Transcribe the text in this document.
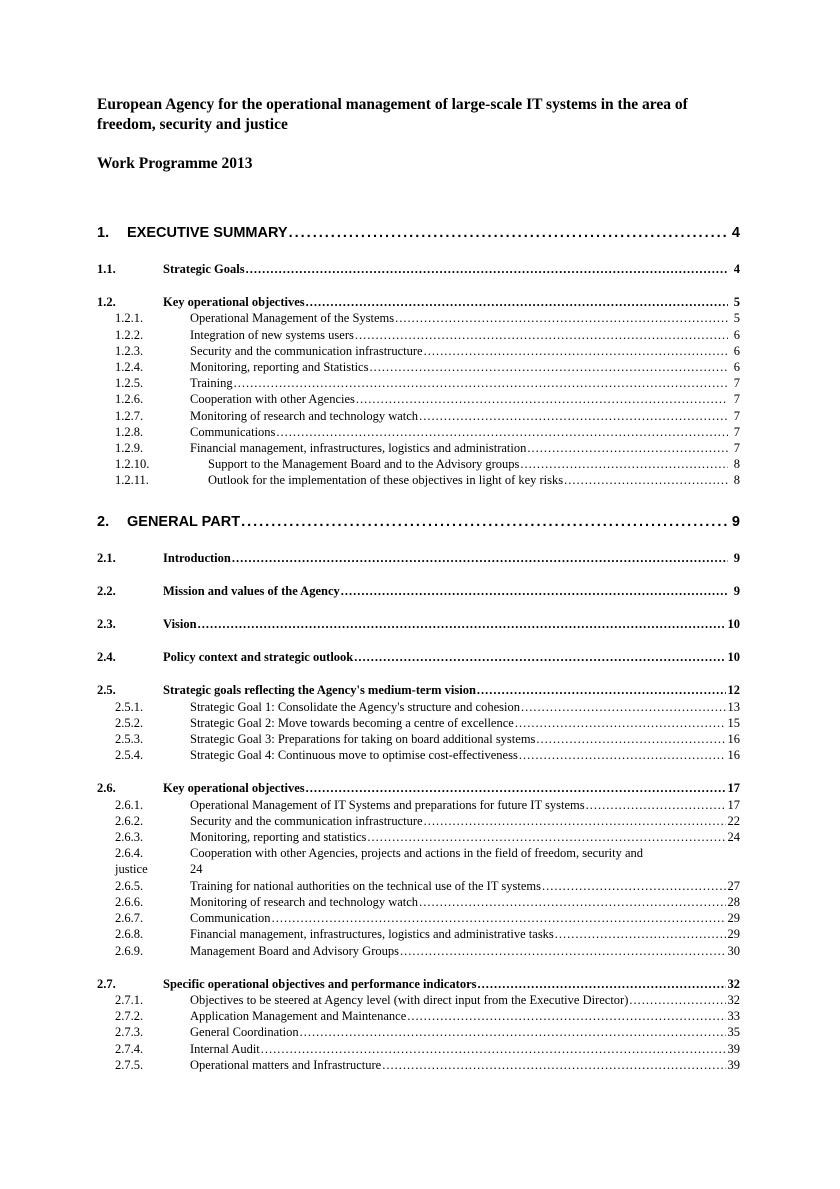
European Agency for the operational management of large-scale IT systems in the area of freedom, security and justice
Work Programme 2013
1.	EXECUTIVE SUMMARY .....	4
1.1.	Strategic Goals .....	4
1.2.	Key operational objectives .....	5
1.2.1.	Operational Management of the Systems .....	5
1.2.2.	Integration of new systems users .....	6
1.2.3.	Security and the communication infrastructure .....	6
1.2.4.	Monitoring, reporting and Statistics .....	6
1.2.5.	Training .....	7
1.2.6.	Cooperation with other Agencies .....	7
1.2.7.	Monitoring of research and technology watch .....	7
1.2.8.	Communications .....	7
1.2.9.	Financial management, infrastructures, logistics and administration .....	7
1.2.10.	Support to the Management Board and to the Advisory groups .....	8
1.2.11.	Outlook for the implementation of these objectives in light of key risks .....	8
2.	GENERAL PART .....	9
2.1.	Introduction .....	9
2.2.	Mission and values of the Agency .....	9
2.3.	Vision .....	10
2.4.	Policy context and strategic outlook .....	10
2.5.	Strategic goals reflecting the Agency's medium-term vision .....	12
2.5.1.	Strategic Goal 1: Consolidate the Agency's structure and cohesion .....	13
2.5.2.	Strategic Goal 2: Move towards becoming a centre of excellence .....	15
2.5.3.	Strategic Goal 3: Preparations for taking on board additional systems .....	16
2.5.4.	Strategic Goal 4: Continuous move to optimise cost-effectiveness .....	16
2.6.	Key operational objectives .....	17
2.6.1.	Operational Management of IT Systems and preparations for future IT systems .....	17
2.6.2.	Security and the communication infrastructure .....	22
2.6.3.	Monitoring, reporting and statistics .....	24
2.6.4.	Cooperation with other Agencies, projects and actions in the field of freedom, security and
justice	24
2.6.5.	Training for national authorities on the technical use of the IT systems .....	27
2.6.6.	Monitoring of research and technology watch .....	28
2.6.7.	Communication .....	29
2.6.8.	Financial management, infrastructures, logistics and administrative tasks .....	29
2.6.9.	Management Board and Advisory Groups .....	30
2.7.	Specific operational objectives and performance indicators .....	32
2.7.1.	Objectives to be steered at Agency level (with direct input from the Executive Director) .....	32
2.7.2.	Application Management and Maintenance .....	33
2.7.3.	General Coordination .....	35
2.7.4.	Internal Audit .....	39
2.7.5.	Operational matters and Infrastructure .....	39
